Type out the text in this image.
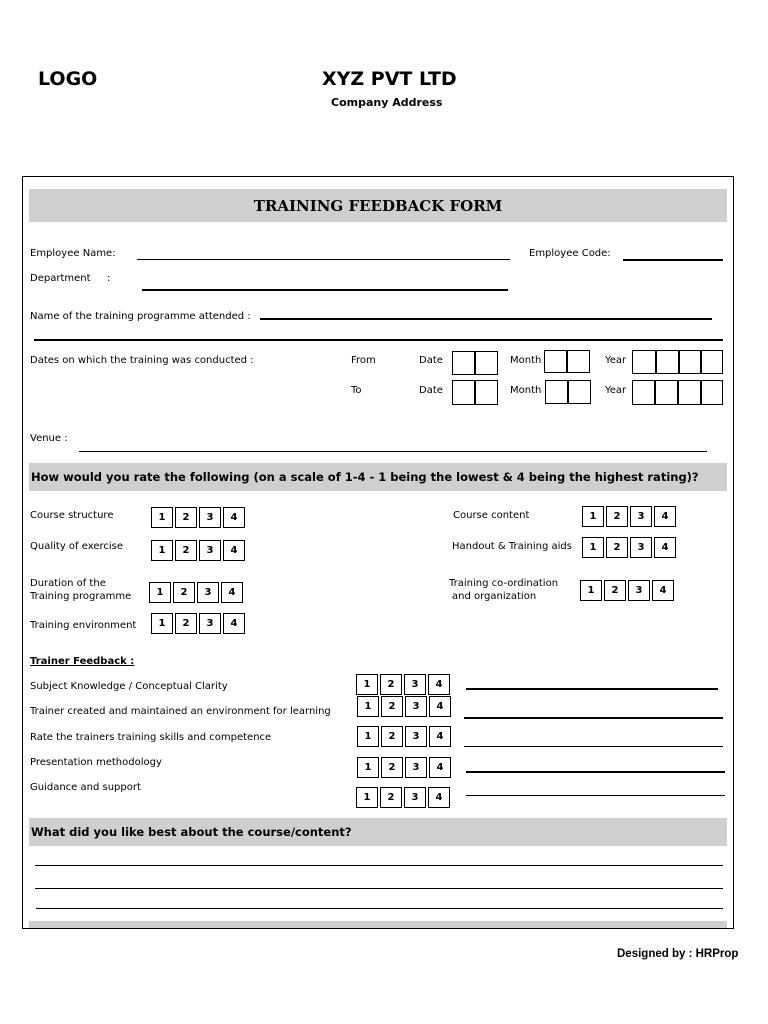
LOGO	XYZ PVT LTD
Company Address
TRAINING FEEDBACK FORM
Employee Name:	Employee Code:
Department :
Name of the training programme attended :
Dates on which the training was conducted :	From	Date	Month	Year
To	Date	Month	Year
Venue :
How would you rate the following (on a scale of 1-4 - 1 being the lowest & 4 being the highest rating)?
Course structure	1	2	3	4
Quality of exercise	1	2	3	4
Duration of the
Training programme	1	2	3	4
Training environment	1	2	3	4
Course content	1	2	3	4
Handout & Training aids	1	2	3	4
Training co-ordination
and organization
1	2	3	4
Trainer Feedback :
Subject Knowledge / Conceptual Clarity	1	2	3	4
Trainer created and maintained an environment for learning	1	2	3	4
Rate the trainers training skills and competence	1	2	3	4
Presentation methodology	1	2	3	4
Guidance and support
1	2	3	4
What did you like best about the course/content?
Designed by : HRProp
